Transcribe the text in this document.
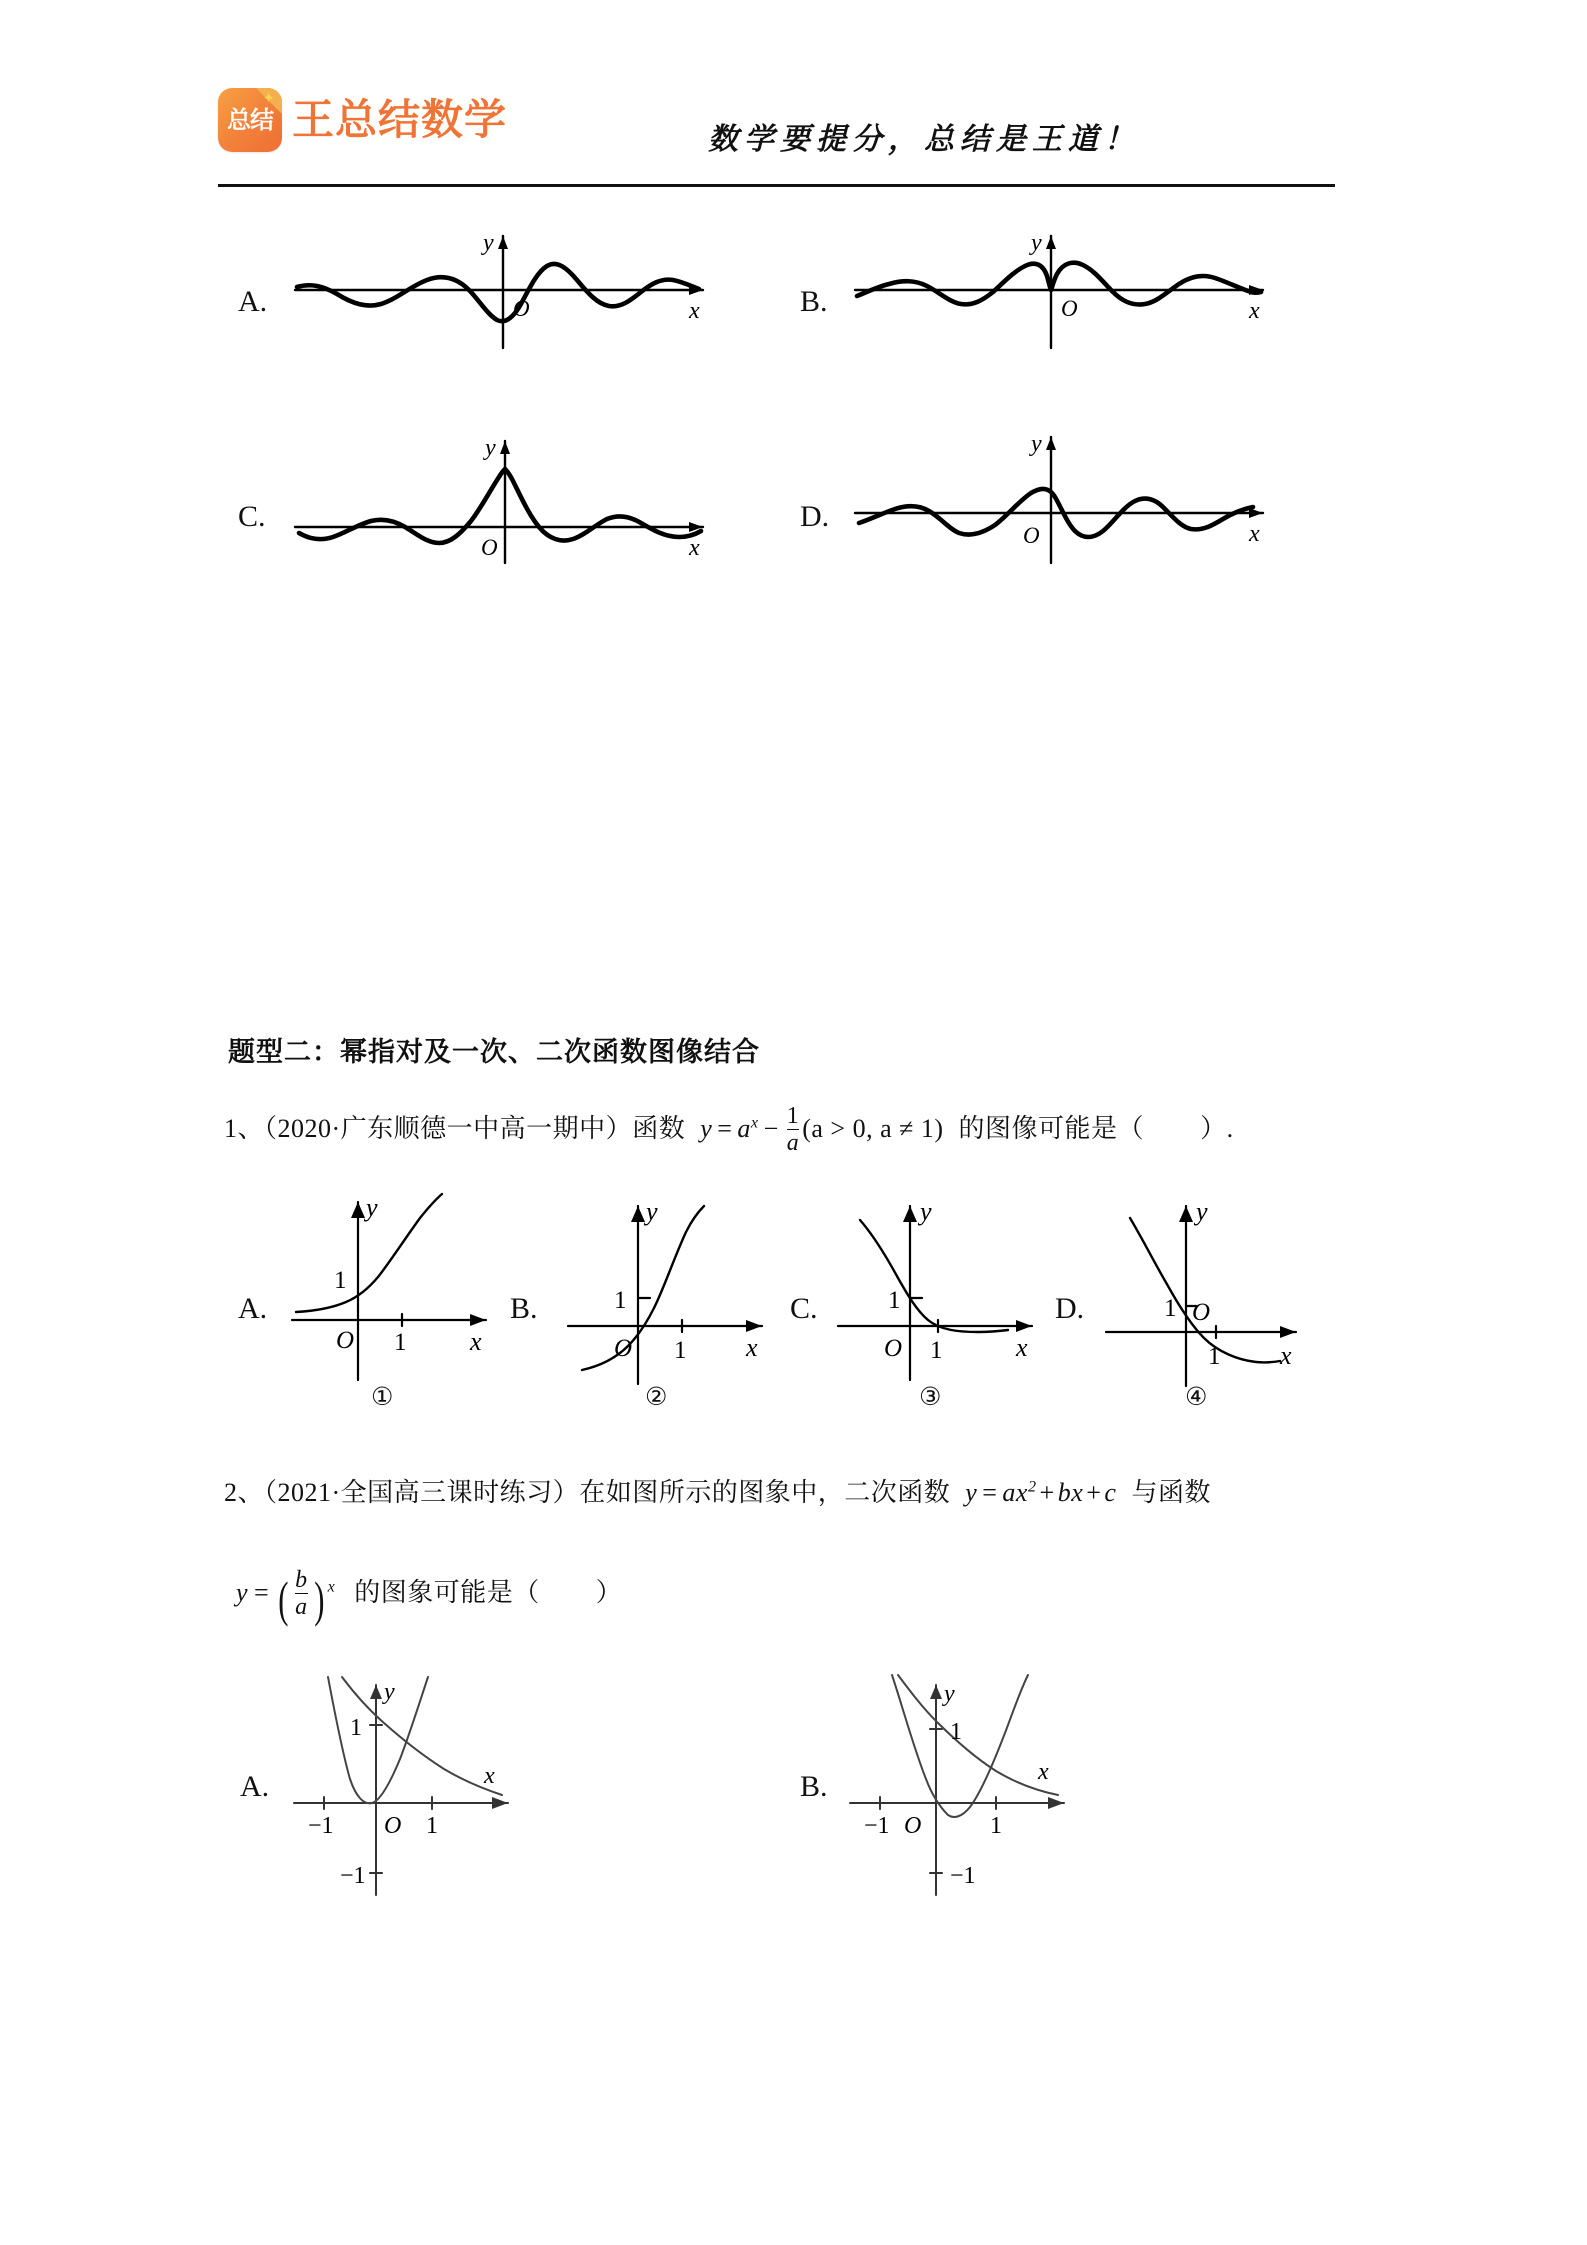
✦
总结 王总结数学	数学要提分，总结是王道！
A.
y
O	x	B.
y
O	x
C.
y
O	x
D.
y
O	x
题型二：幂指对及一次、二次函数图像结合
1、（2020·广东顺德一中高一期中）函数 $y = a^x - \frac{1}{a} (a > 0$, a ≠ 1) 的图像可能是（ ）.
A.
y
1
O 1 x
①
B.
y
1
O 1 x
②
C.
y
1
O 1	x
③
D.
y
1 O
1 x
④
2、（2021·全国高三课时练习）在如图所示的图象中，二次函数 $y = ax^2$ + bx + c 与函数
y = ( $\frac{b}{a}$ ) $^x$ 的图象可能是（ ）
A.
y
1
−1
−1 O 1
x	B.
y
1
−1
−1 O	1
x
